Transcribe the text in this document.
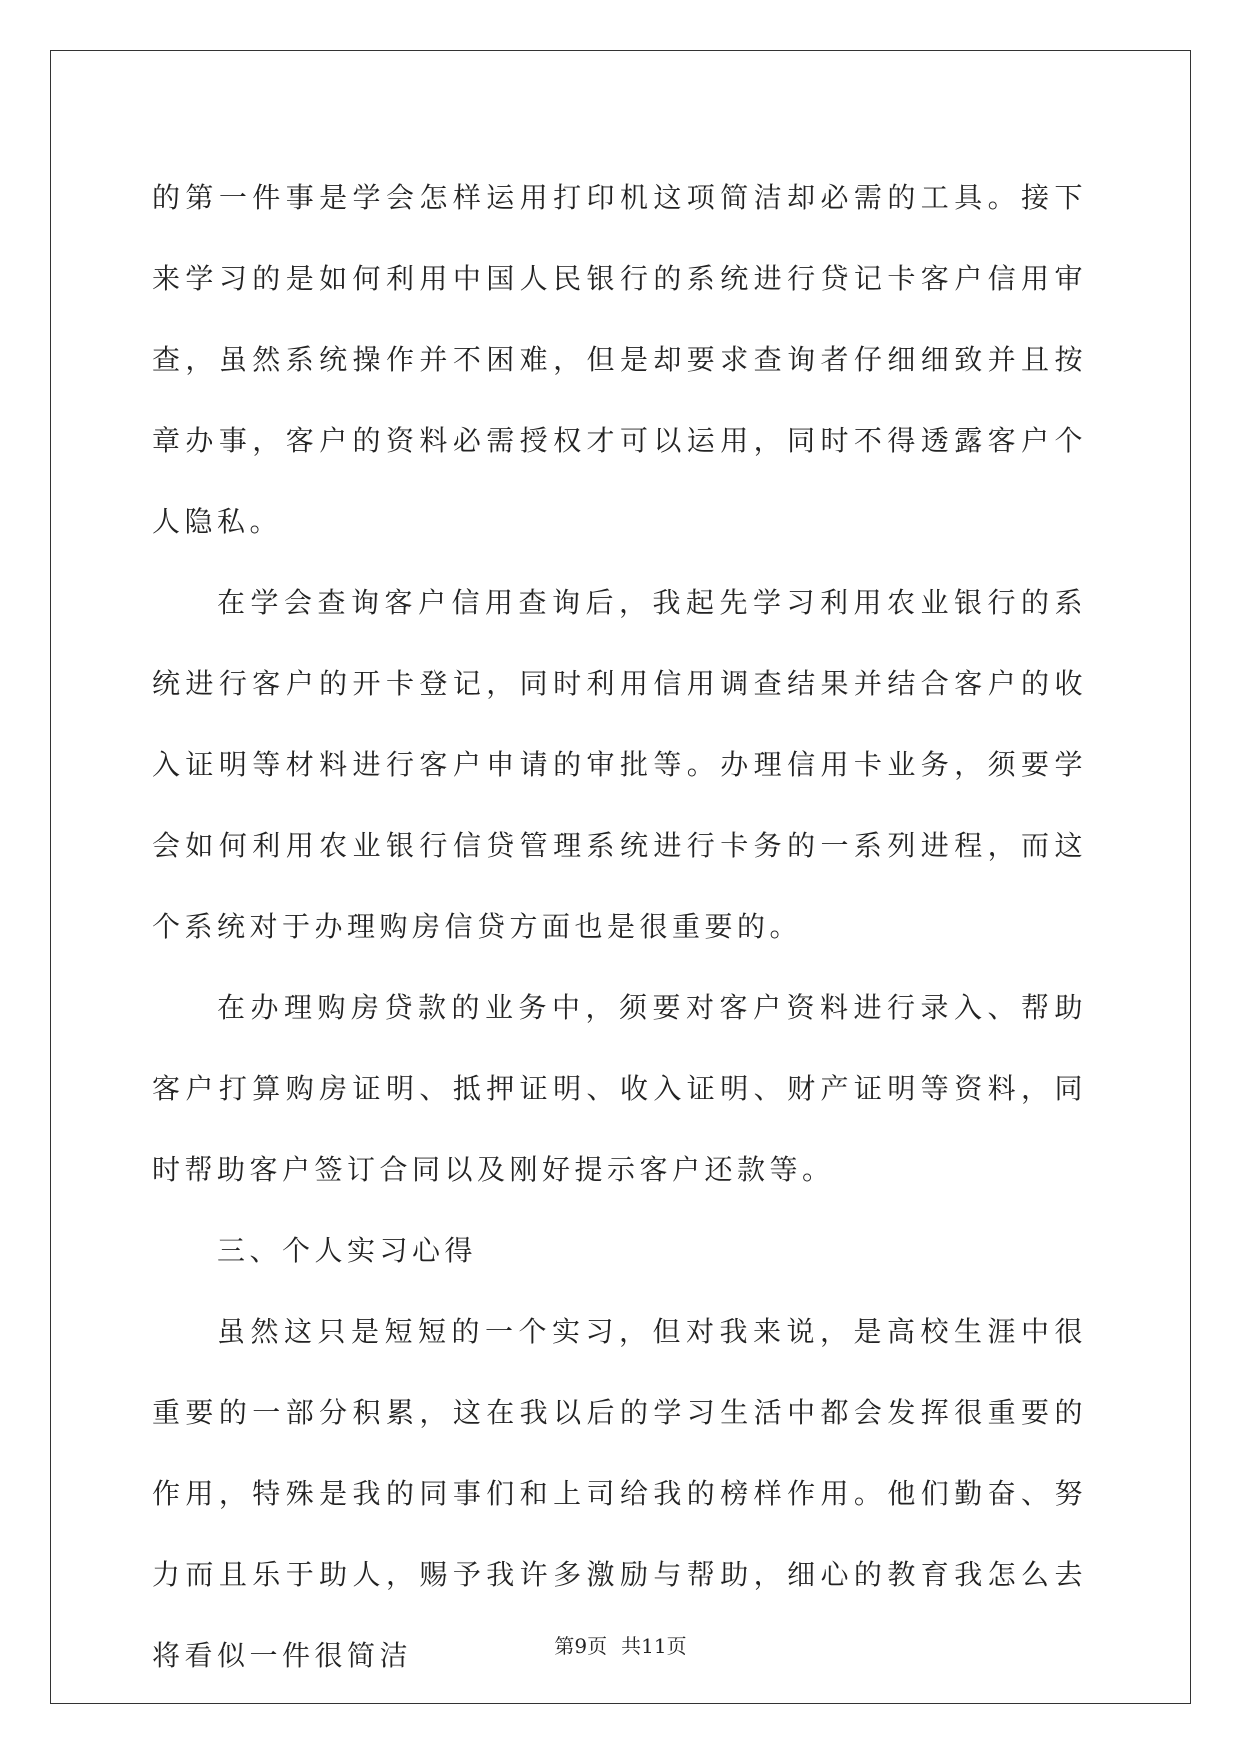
的第一件事是学会怎样运用打印机这项简洁却必需的工具。接下来学习的是如何利用中国人民银行的系统进行贷记卡客户信用审查，虽然系统操作并不困难，但是却要求查询者仔细细致并且按章办事，客户的资料必需授权才可以运用，同时不得透露客户个人隐私。

在学会查询客户信用查询后，我起先学习利用农业银行的系统进行客户的开卡登记，同时利用信用调查结果并结合客户的收入证明等材料进行客户申请的审批等。办理信用卡业务，须要学会如何利用农业银行信贷管理系统进行卡务的一系列进程，而这个系统对于办理购房信贷方面也是很重要的。

在办理购房贷款的业务中，须要对客户资料进行录入、帮助客户打算购房证明、抵押证明、收入证明、财产证明等资料，同时帮助客户签订合同以及刚好提示客户还款等。

三、个人实习心得

虽然这只是短短的一个实习，但对我来说，是高校生涯中很重要的一部分积累，这在我以后的学习生活中都会发挥很重要的作用，特殊是我的同事们和上司给我的榜样作用。他们勤奋、努力而且乐于助人，赐予我许多激励与帮助，细心的教育我怎么去将看似一件很简洁	第9页 共11页
